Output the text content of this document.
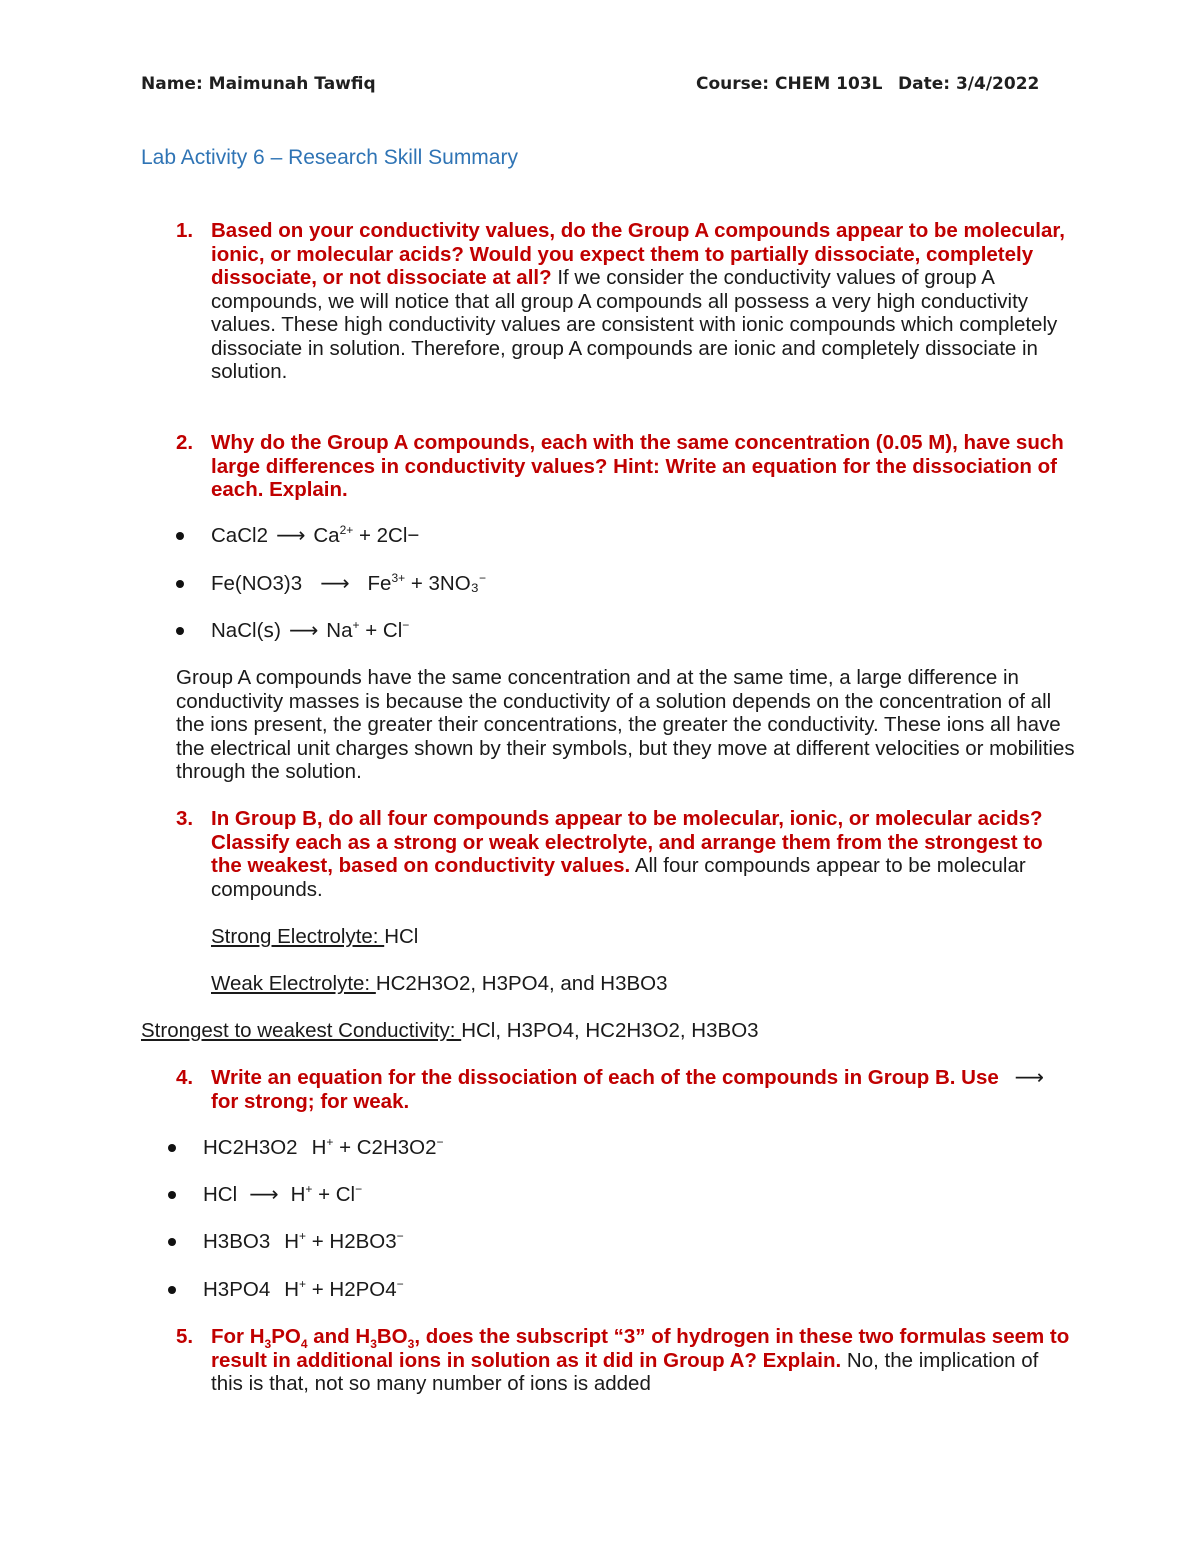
Name: Maimunah Tawfiq	Course: CHEM 103L Date: 3/4/2022
Lab Activity 6 – Research Skill Summary
1. Based on your conductivity values, do the Group A compounds appear to be molecular, ionic, or molecular acids? Would you expect them to partially dissociate, completely dissociate, or not dissociate at all? If we consider the conductivity values of group A compounds, we will notice that all group A compounds all possess a very high conductivity values. These high conductivity values are consistent with ionic compounds which completely dissociate in solution. Therefore, group A compounds are ionic and completely dissociate in solution.
2. Why do the Group A compounds, each with the same concentration (0.05 M), have such large differences in conductivity values? Hint: Write an equation for the dissociation of each. Explain.
CaCl2 ⟶ $Ca^{2+} + 2Cl-$
Fe(NO3)3 ⟶ $Fe^{3+} + 3NO_3^-$
NaCl(ꜱ) ⟶ Na+ + Cl−
Group A compounds have the same concentration and at the same time, a large difference in conductivity masses is because the conductivity of a solution depends on the concentration of all the ions present, the greater their concentrations, the greater the conductivity. These ions all have the electrical unit charges shown by their symbols, but they move at different velocities or mobilities through the solution.
3. In Group B, do all four compounds appear to be molecular, ionic, or molecular acids? Classify each as a strong or weak electrolyte, and arrange them from the strongest to the weakest, based on conductivity values. All four compounds appear to be molecular compounds.
Strong Electrolyte: HCl
Weak Electrolyte: HC2H3O2, H3PO4, and H3BO3
Strongest to weakest Conductivity: HCl, H3PO4, HC2H3O2, H3BO3
4. Write an equation for the dissociation of each of the compounds in Group B. Use ⟶ for strong; for weak.
HC2H3O2 H+ + C2H3O2−
HCl ⟶ H+ + Cl−
H3BO3 H+ + H2BO3−
H3PO4 H+ + H2PO4−
5. For $H_3PO_4$ and $H_3BO_3$, does the subscript “3” of hydrogen in these two formulas seem to result in additional ions in solution as it did in Group A? Explain. No, the implication of this is that, not so many number of ions is added
